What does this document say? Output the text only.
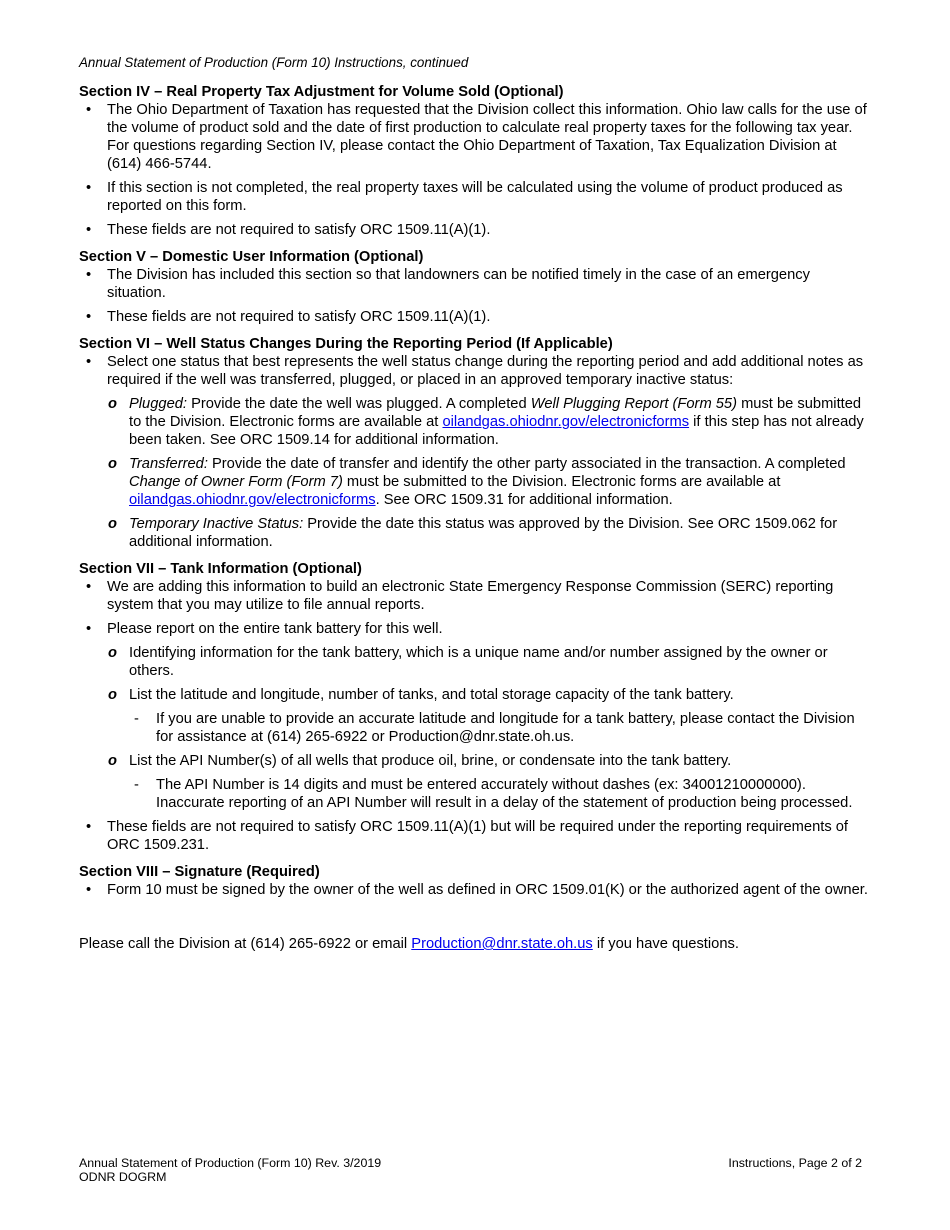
Annual Statement of Production (Form 10) Instructions, continued

Section IV – Real Property Tax Adjustment for Volume Sold (Optional)

• The Ohio Department of Taxation has requested that the Division collect this information. Ohio law calls for the use of the volume of product sold and the date of first production to calculate real property taxes for the following tax year. For questions regarding Section IV, please contact the Ohio Department of Taxation, Tax Equalization Division at (614) 466-5744.
• If this section is not completed, the real property taxes will be calculated using the volume of product produced as reported on this form.
• These fields are not required to satisfy ORC 1509.11(A)(1).

Section V – Domestic User Information (Optional)

• The Division has included this section so that landowners can be notified timely in the case of an emergency situation.
• These fields are not required to satisfy ORC 1509.11(A)(1).

Section VI – Well Status Changes During the Reporting Period (If Applicable)

• Select one status that best represents the well status change during the reporting period and add additional notes as required if the well was transferred, plugged, or placed in an approved temporary inactive status:
o Plugged: Provide the date the well was plugged. A completed Well Plugging Report (Form 55) must be submitted to the Division. Electronic forms are available at oilandgas.ohiodnr.gov/electronicforms if this step has not already been taken. See ORC 1509.14 for additional information.
o Transferred: Provide the date of transfer and identify the other party associated in the transaction. A completed Change of Owner Form (Form 7) must be submitted to the Division. Electronic forms are available at oilandgas.ohiodnr.gov/electronicforms. See ORC 1509.31 for additional information.
o Temporary Inactive Status: Provide the date this status was approved by the Division. See ORC 1509.062 for additional information.

Section VII – Tank Information (Optional)

• We are adding this information to build an electronic State Emergency Response Commission (SERC) reporting system that you may utilize to file annual reports.
• Please report on the entire tank battery for this well.
o Identifying information for the tank battery, which is a unique name and/or number assigned by the owner or others.
o List the latitude and longitude, number of tanks, and total storage capacity of the tank battery.
- If you are unable to provide an accurate latitude and longitude for a tank battery, please contact the Division for assistance at (614) 265-6922 or Production@dnr.state.oh.us.
o List the API Number(s) of all wells that produce oil, brine, or condensate into the tank battery.
- The API Number is 14 digits and must be entered accurately without dashes (ex: 34001210000000). Inaccurate reporting of an API Number will result in a delay of the statement of production being processed.
• These fields are not required to satisfy ORC 1509.11(A)(1) but will be required under the reporting requirements of ORC 1509.231.

Section VIII – Signature (Required)

• Form 10 must be signed by the owner of the well as defined in ORC 1509.01(K) or the authorized agent of the owner.

Please call the Division at (614) 265-6922 or email Production@dnr.state.oh.us if you have questions.

Annual Statement of Production (Form 10) Rev. 3/2019
ODNR DOGRM
Instructions, Page 2 of 2
